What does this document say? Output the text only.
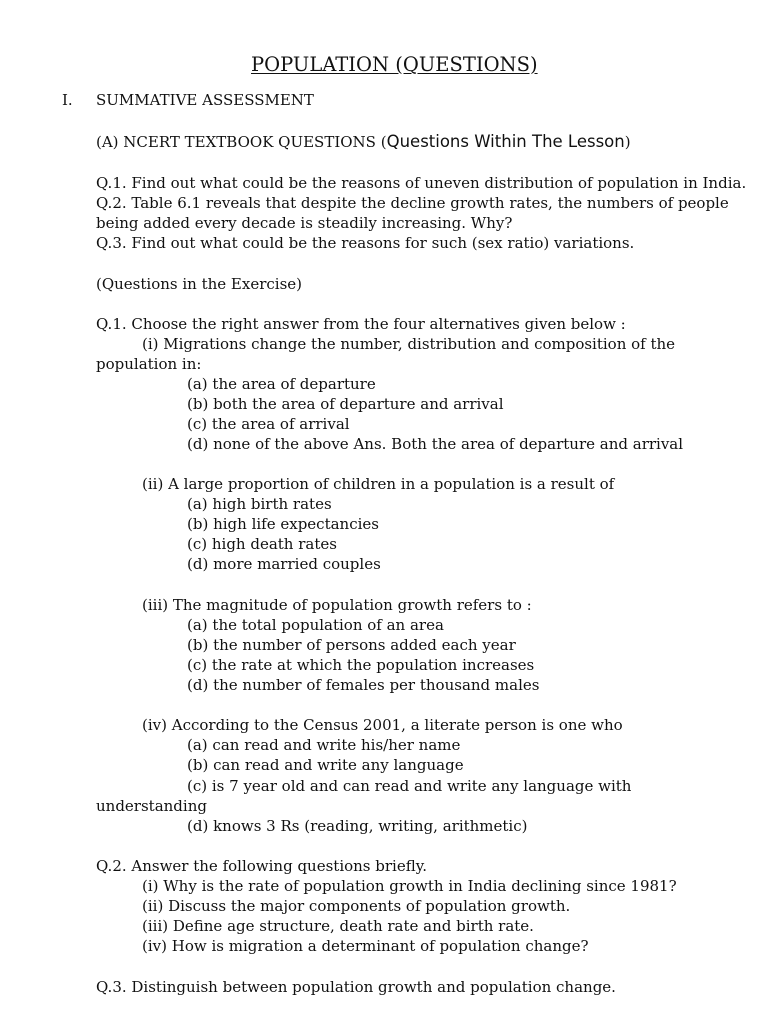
POPULATION (QUESTIONS)
I. SUMMATIVE ASSESSMENT
(A) NCERT TEXTBOOK QUESTIONS (Questions Within The Lesson)
Q.1. Find out what could be the reasons of uneven distribution of population in India.
Q.2. Table 6.1 reveals that despite the decline growth rates, the numbers of people
being added every decade is steadily increasing. Why?
Q.3. Find out what could be the reasons for such (sex ratio) variations.
(Questions in the Exercise)
Q.1. Choose the right answer from the four alternatives given below :
(i) Migrations change the number, distribution and composition of the
population in:
(a) the area of departure
(b) both the area of departure and arrival
(c) the area of arrival
(d) none of the above Ans. Both the area of departure and arrival
(ii) A large proportion of children in a population is a result of
(a) high birth rates
(b) high life expectancies
(c) high death rates
(d) more married couples
(iii) The magnitude of population growth refers to :
(a) the total population of an area
(b) the number of persons added each year
(c) the rate at which the population increases
(d) the number of females per thousand males
(iv) According to the Census 2001, a literate person is one who
(a) can read and write his/her name
(b) can read and write any language
(c) is 7 year old and can read and write any language with
understanding
(d) knows 3 Rs (reading, writing, arithmetic)
Q.2. Answer the following questions briefly.
(i) Why is the rate of population growth in India declining since 1981?
(ii) Discuss the major components of population growth.
(iii) Define age structure, death rate and birth rate.
(iv) How is migration a determinant of population change?
Q.3. Distinguish between population growth and population change.
